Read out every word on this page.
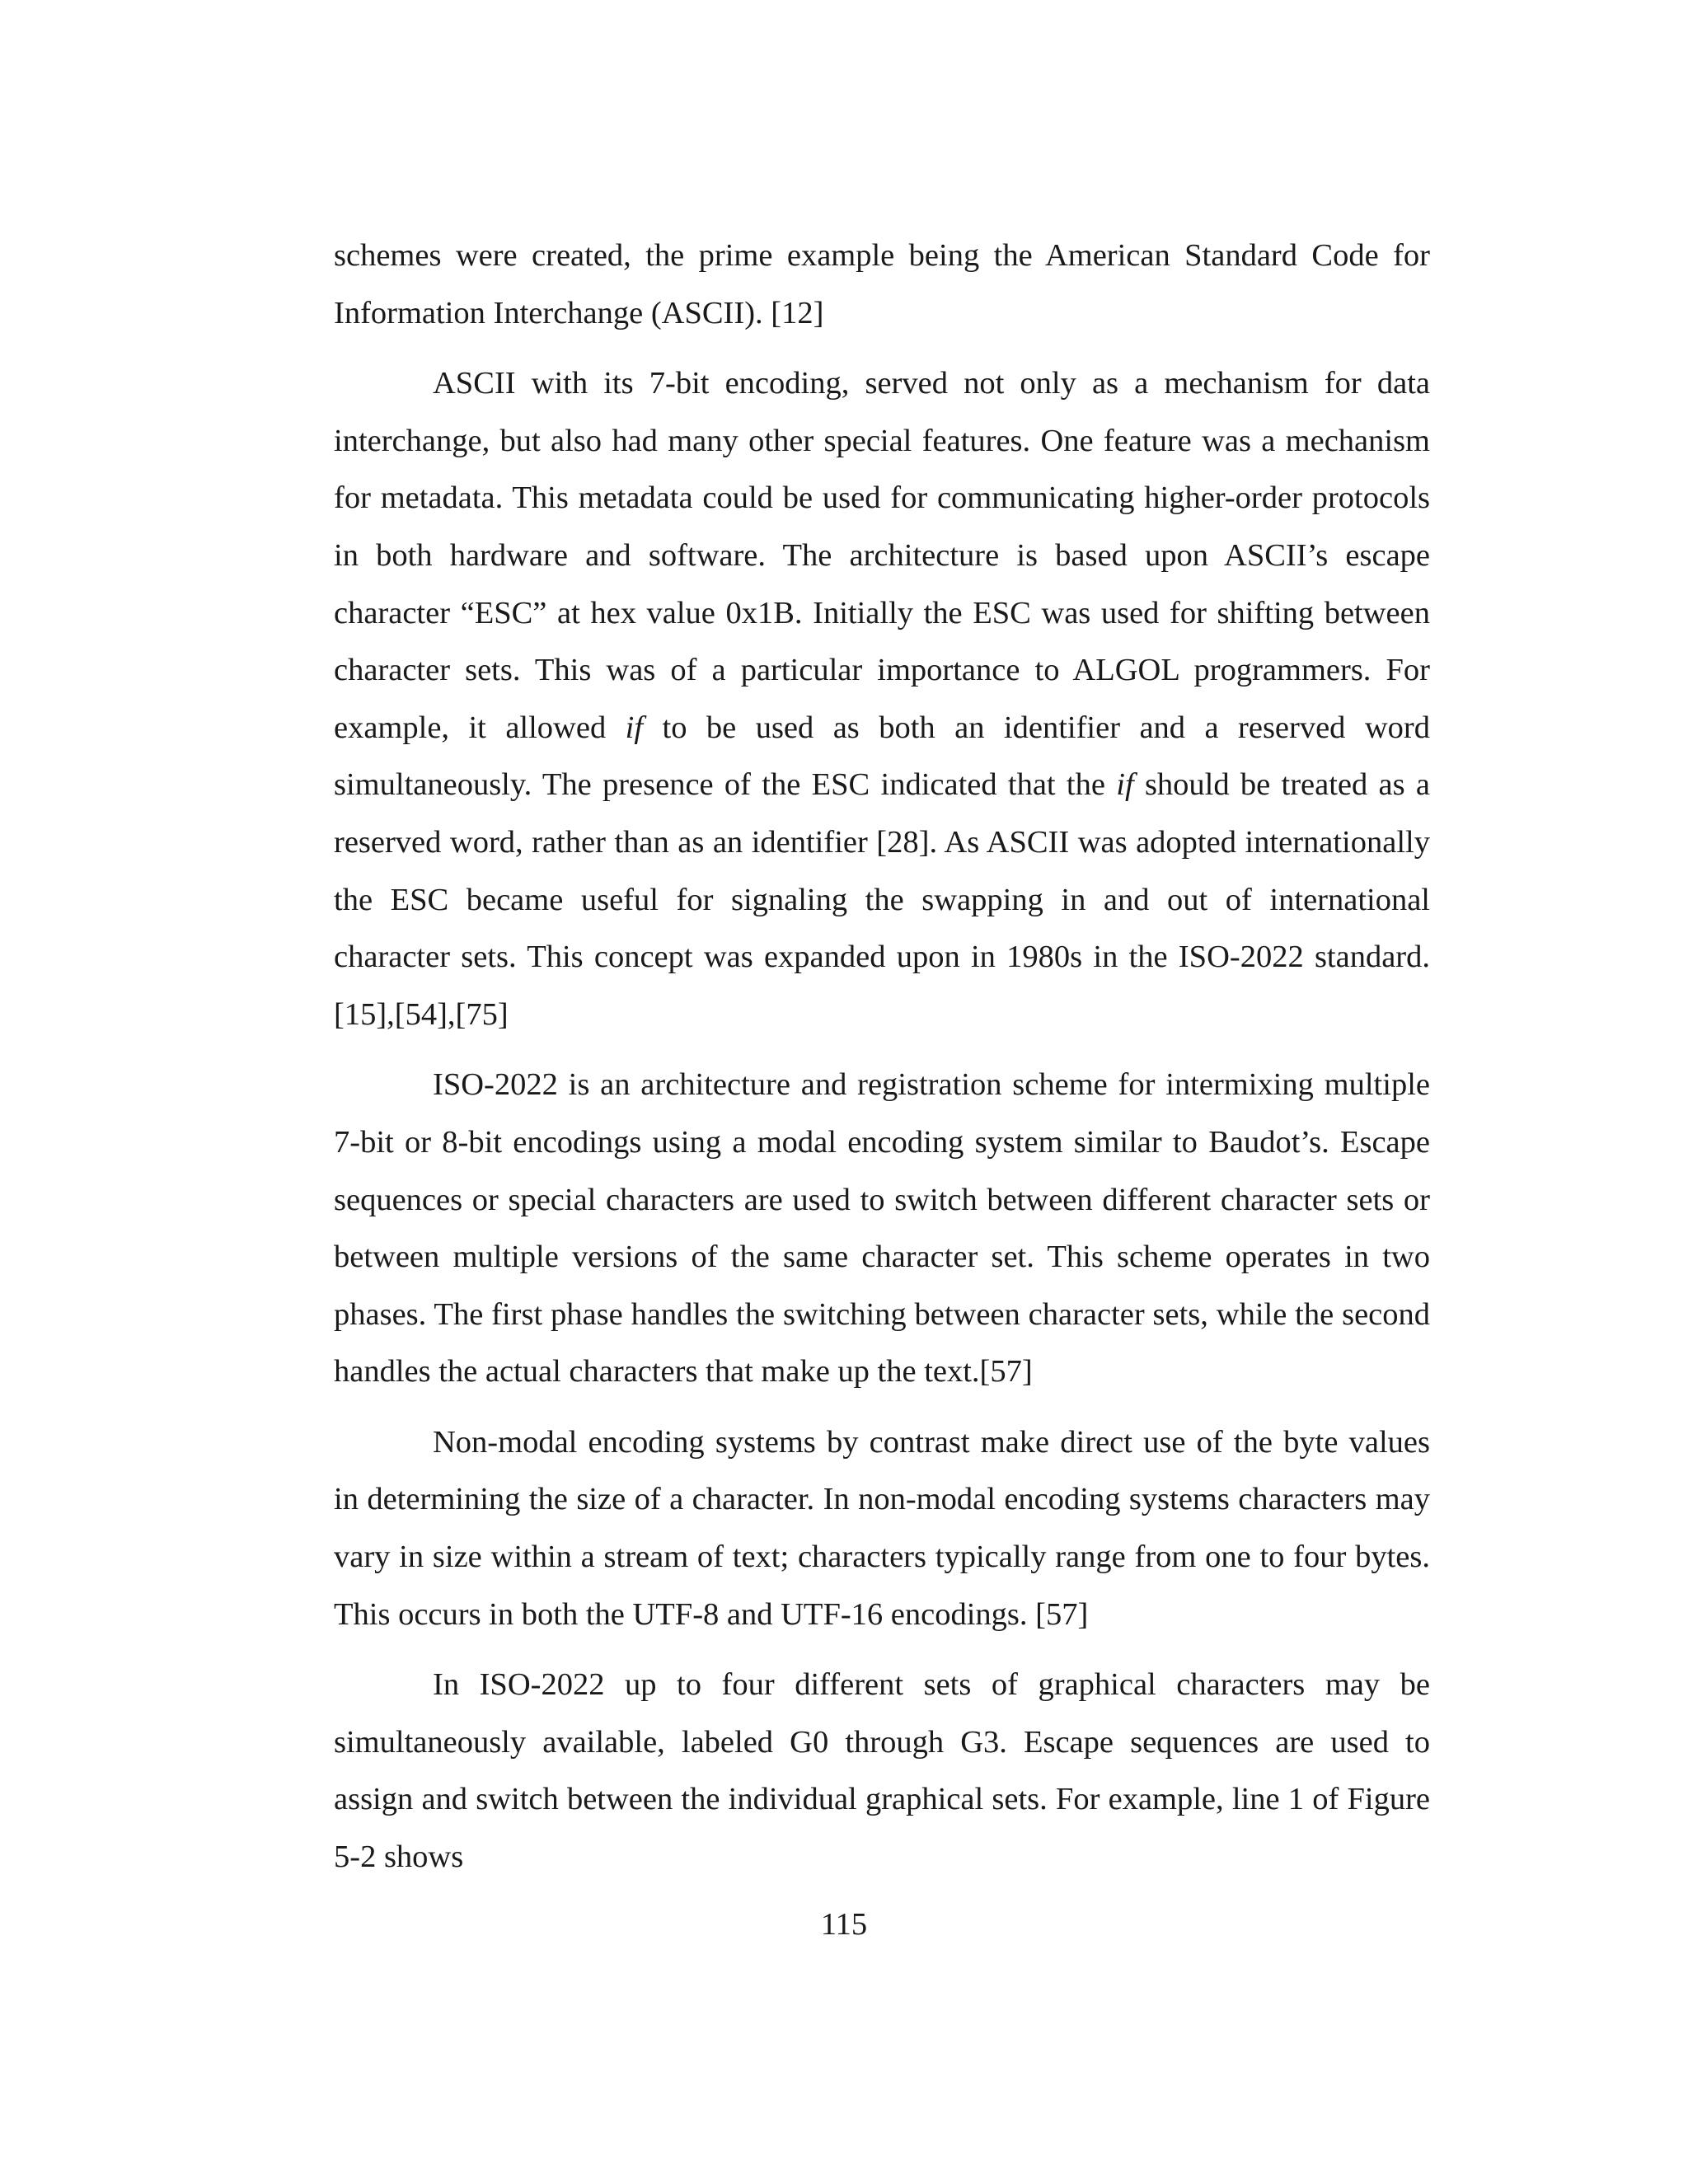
schemes were created, the prime example being the American Standard Code for Information Interchange (ASCII). [12]

ASCII with its 7-bit encoding, served not only as a mechanism for data interchange, but also had many other special features. One feature was a mechanism for metadata. This metadata could be used for communicating higher-order protocols in both hardware and software. The architecture is based upon ASCII’s escape character “ESC” at hex value 0x1B. Initially the ESC was used for shifting between character sets. This was of a particular importance to ALGOL programmers. For example, it allowed if to be used as both an identifier and a reserved word simultaneously. The presence of the ESC indicated that the if should be treated as a reserved word, rather than as an identifier [28]. As ASCII was adopted internationally the ESC became useful for signaling the swapping in and out of international character sets. This concept was expanded upon in 1980s in the ISO-2022 standard. [15],[54],[75]

ISO-2022 is an architecture and registration scheme for intermixing multiple 7-bit or 8-bit encodings using a modal encoding system similar to Baudot’s. Escape sequences or special characters are used to switch between different character sets or between multiple versions of the same character set. This scheme operates in two phases. The first phase handles the switching between character sets, while the second handles the actual characters that make up the text.[57]

Non-modal encoding systems by contrast make direct use of the byte values in determining the size of a character. In non-modal encoding systems characters may vary in size within a stream of text; characters typically range from one to four bytes. This occurs in both the UTF-8 and UTF-16 encodings. [57]

In ISO-2022 up to four different sets of graphical characters may be simultaneously available, labeled G0 through G3. Escape sequences are used to assign and switch between the individual graphical sets. For example, line 1 of Figure 5-2 shows

115
